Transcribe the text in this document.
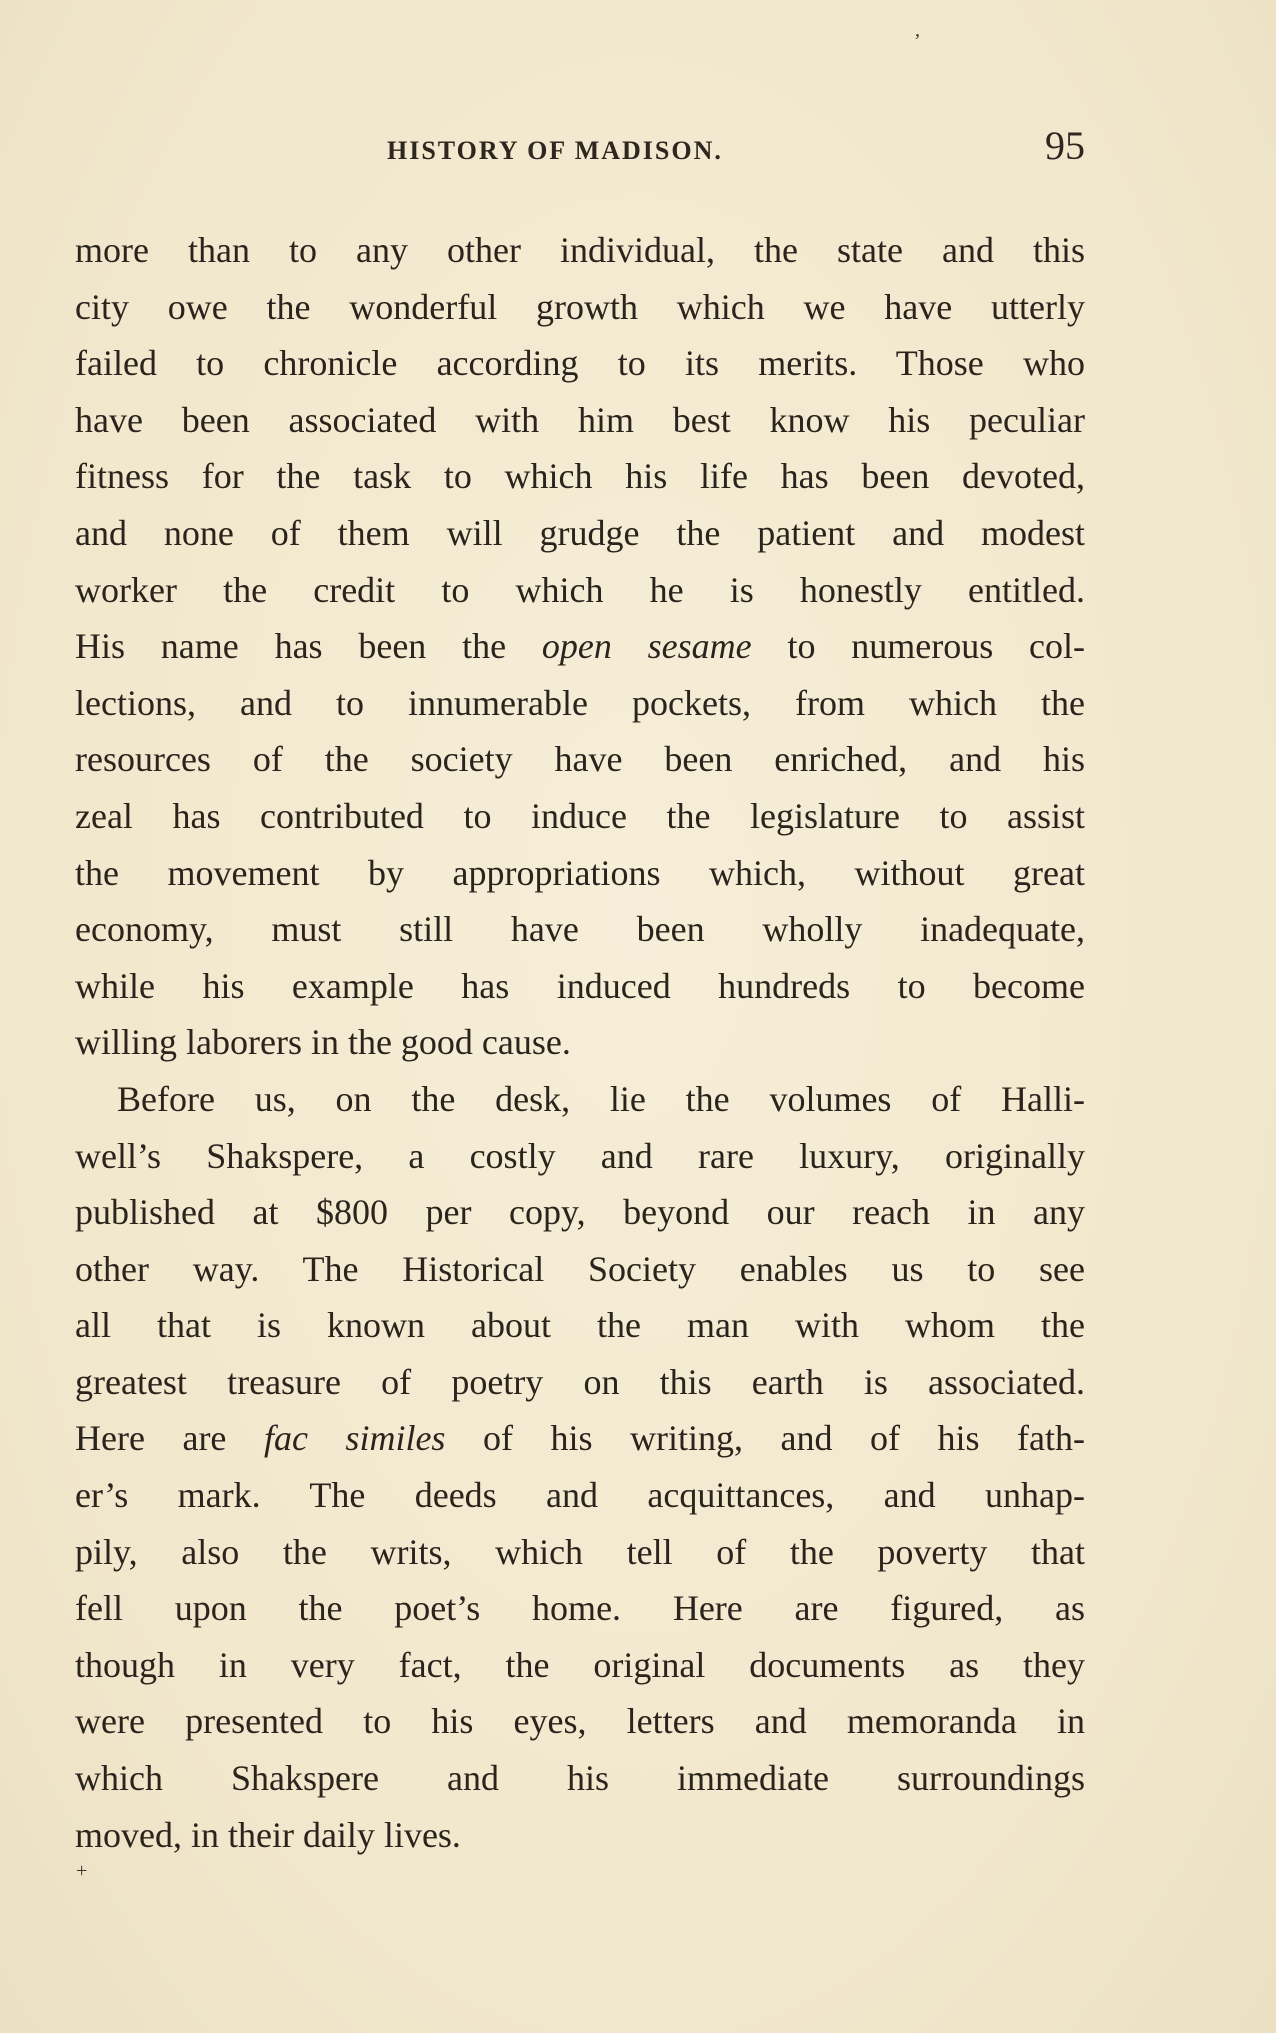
HISTORY OF MADISON.	95
more than to any other individual, the state and this
city owe the wonderful growth which we have utterly
failed to chronicle according to its merits. Those who
have been associated with him best know his peculiar
fitness for the task to which his life has been devoted,
and none of them will grudge the patient and modest
worker the credit to which he is honestly entitled.
His name has been the open sesame to numerous col-
lections, and to innumerable pockets, from which the
resources of the society have been enriched, and his
zeal has contributed to induce the legislature to assist
the movement by appropriations which, without great
economy, must still have been wholly inadequate,
while his example has induced hundreds to become
willing laborers in the good cause.
Before us, on the desk, lie the volumes of Halli-
well’s Shakspere, a costly and rare luxury, originally
published at $800 per copy, beyond our reach in any
other way. The Historical Society enables us to see
all that is known about the man with whom the
greatest treasure of poetry on this earth is associated.
Here are fac similes of his writing, and of his fath-
er’s mark. The deeds and acquittances, and unhap-
pily, also the writs, which tell of the poverty that
fell upon the poet’s home. Here are figured, as
though in very fact, the original documents as they
were presented to his eyes, letters and memoranda in
which Shakspere and his immediate surroundings
moved, in their daily lives.
’
+
